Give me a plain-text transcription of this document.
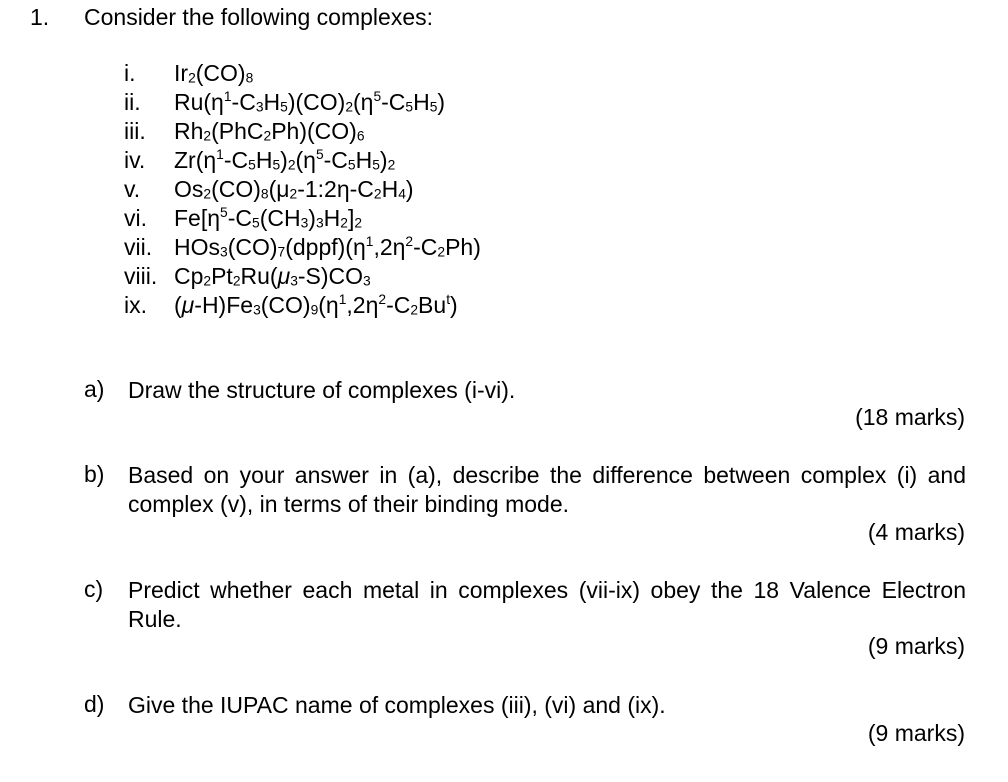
1. Consider the following complexes:
i. $Ir_2(CO)_8$
ii. $Ru(\eta^1-C_3H_5)(CO)_2(\eta^5-C_5H_5)$
iii. $Rh_2(PhC_2Ph)(CO)_6$
iv. $Zr(\eta^1-C_5H_5)_2(\eta^5-C_5H_5)_2$
v. $Os_2(CO)_8(\mu_2-1:2\eta-C_2H_4)$
vi. $Fe[\eta^5-C_5(CH_3)_3H_2]_2$
vii. $HOs_3(CO)_7(dppf)(\eta^1,2\eta^2-C_2Ph)$
viii. $Cp_2Pt_2Ru(\mu_3-S)CO_3$
ix. $(\mu-H)Fe_3(CO)_9(\eta^1,2\eta^2-C_2Bu^t)$
a) Draw the structure of complexes (i-vi).
(18 marks)
b) Based on your answer in (a), describe the difference between complex (i) and complex (v), in terms of their binding mode.
(4 marks)
c) Predict whether each metal in complexes (vii-ix) obey the 18 Valence Electron Rule.
(9 marks)
d) Give the IUPAC name of complexes (iii), (vi) and (ix).
(9 marks)
